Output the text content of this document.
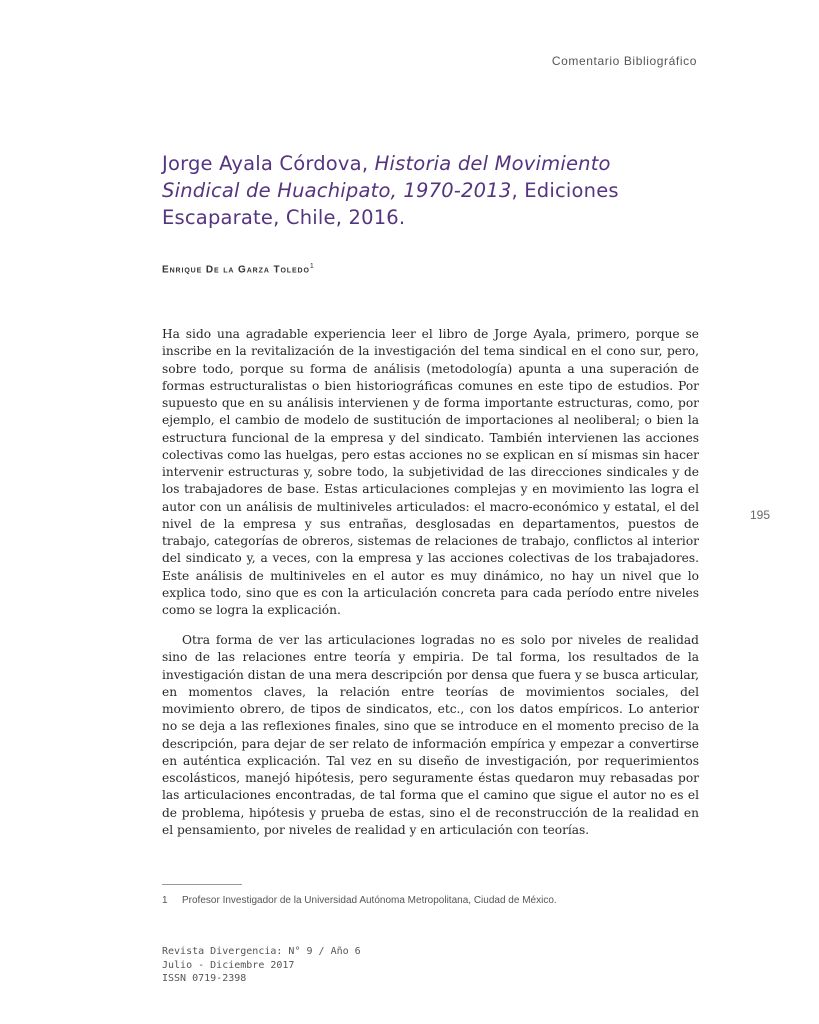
Comentario Bibliográfico
Jorge Ayala Córdova, Historia del Movimiento Sindical de Huachipato, 1970-2013, Ediciones Escaparate, Chile, 2016.
Enrique De la Garza Toledo$^1$

Ha sido una agradable experiencia leer el libro de Jorge Ayala, primero, porque se inscribe en la revitalización de la investigación del tema sindical en el cono sur, pero, sobre todo, porque su forma de análisis (metodología) apunta a una superación de formas estructuralistas o bien historiográficas comunes en este tipo de estudios. Por supuesto que en su análisis intervienen y de forma importante estructuras, como, por ejemplo, el cambio de modelo de sustitución de importaciones al neoliberal; o bien la estructura funcional de la empresa y del sindicato. También intervienen las acciones colectivas como las huelgas, pero estas acciones no se explican en sí mismas sin hacer intervenir estructuras y, sobre todo, la subjetividad de las direcciones sindicales y de los trabajadores de base. Estas articulaciones complejas y en movimiento las logra el autor con un análisis de multiniveles articulados: el macro-económico y estatal, el del nivel de la empresa y sus entrañas, desglosadas en departamentos, puestos de trabajo, categorías de obreros, sistemas de relaciones de trabajo, conflictos al interior del sindicato y, a veces, con la empresa y las acciones colectivas de los trabajadores. Este análisis de multiniveles en el autor es muy dinámico, no hay un nivel que lo explica todo, sino que es con la articulación concreta para cada período entre niveles como se logra la explicación.

Otra forma de ver las articulaciones logradas no es solo por niveles de realidad sino de las relaciones entre teoría y empiria. De tal forma, los resultados de la investigación distan de una mera descripción por densa que fuera y se busca articular, en momentos claves, la relación entre teorías de movimientos sociales, del movimiento obrero, de tipos de sindicatos, etc., con los datos empíricos. Lo anterior no se deja a las reflexiones finales, sino que se introduce en el momento preciso de la descripción, para dejar de ser relato de información empírica y empezar a convertirse en auténtica explicación. Tal vez en su diseño de investigación, por requerimientos escolásticos, manejó hipótesis, pero seguramente éstas quedaron muy rebasadas por las articulaciones encontradas, de tal forma que el camino que sigue el autor no es el de problema, hipótesis y prueba de estas, sino el de reconstrucción de la realidad en el pensamiento, por niveles de realidad y en articulación con teorías.

195
1 Profesor Investigador de la Universidad Autónoma Metropolitana, Ciudad de México.
Revista Divergencia: N° 9 / Año 6
Julio - Diciembre 2017
ISSN 0719-2398
